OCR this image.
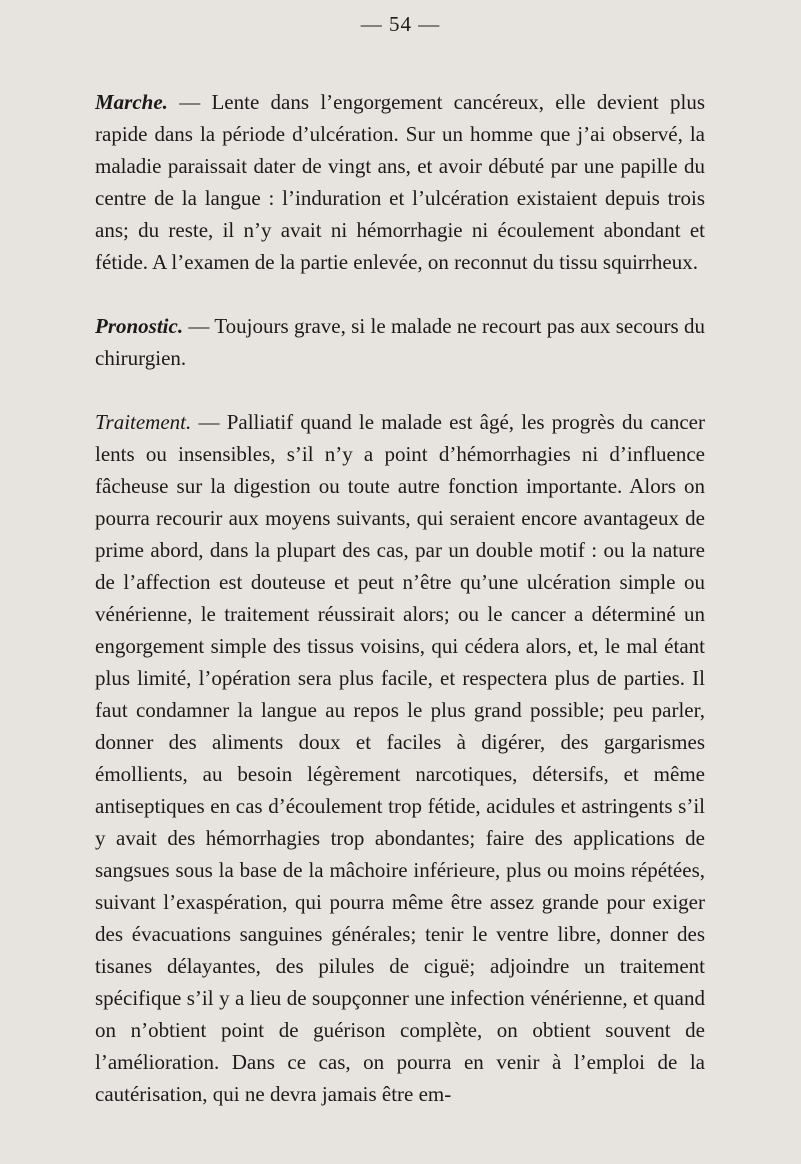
— 54 —

Marche. — Lente dans l’engorgement cancéreux, elle devient plus rapide dans la période d’ulcération. Sur un homme que j’ai observé, la maladie paraissait dater de vingt ans, et avoir débuté par une papille du centre de la langue : l’induration et l’ulcération existaient depuis trois ans; du reste, il n’y avait ni hémorrhagie ni écoulement abondant et fétide. A l’examen de la partie enlevée, on reconnut du tissu squirrheux.

Pronostic. — Toujours grave, si le malade ne recourt pas aux secours du chirurgien.

Traitement. — Palliatif quand le malade est âgé, les progrès du cancer lents ou insensibles, s’il n’y a point d’hémorrhagies ni d’influence fâcheuse sur la digestion ou toute autre fonction importante. Alors on pourra recourir aux moyens suivants, qui seraient encore avantageux de prime abord, dans la plupart des cas, par un double motif : ou la nature de l’affection est douteuse et peut n’être qu’une ulcération simple ou vénérienne, le traitement réussirait alors; ou le cancer a déterminé un engorgement simple des tissus voisins, qui cédera alors, et, le mal étant plus limité, l’opération sera plus facile, et respectera plus de parties. Il faut condamner la langue au repos le plus grand possible; peu parler, donner des aliments doux et faciles à digérer, des gargarismes émollients, au besoin légèrement narcotiques, détersifs, et même antiseptiques en cas d’écoulement trop fétide, acidules et astringents s’il y avait des hémorrhagies trop abondantes; faire des applications de sangsues sous la base de la mâchoire inférieure, plus ou moins répétées, suivant l’exaspération, qui pourra même être assez grande pour exiger des évacuations sanguines générales; tenir le ventre libre, donner des tisanes délayantes, des pilules de ciguë; adjoindre un traitement spécifique s’il y a lieu de soupçonner une infection vénérienne, et quand on n’obtient point de guérison complète, on obtient souvent de l’amélioration. Dans ce cas, on pourra en venir à l’emploi de la cautérisation, qui ne devra jamais être em-
